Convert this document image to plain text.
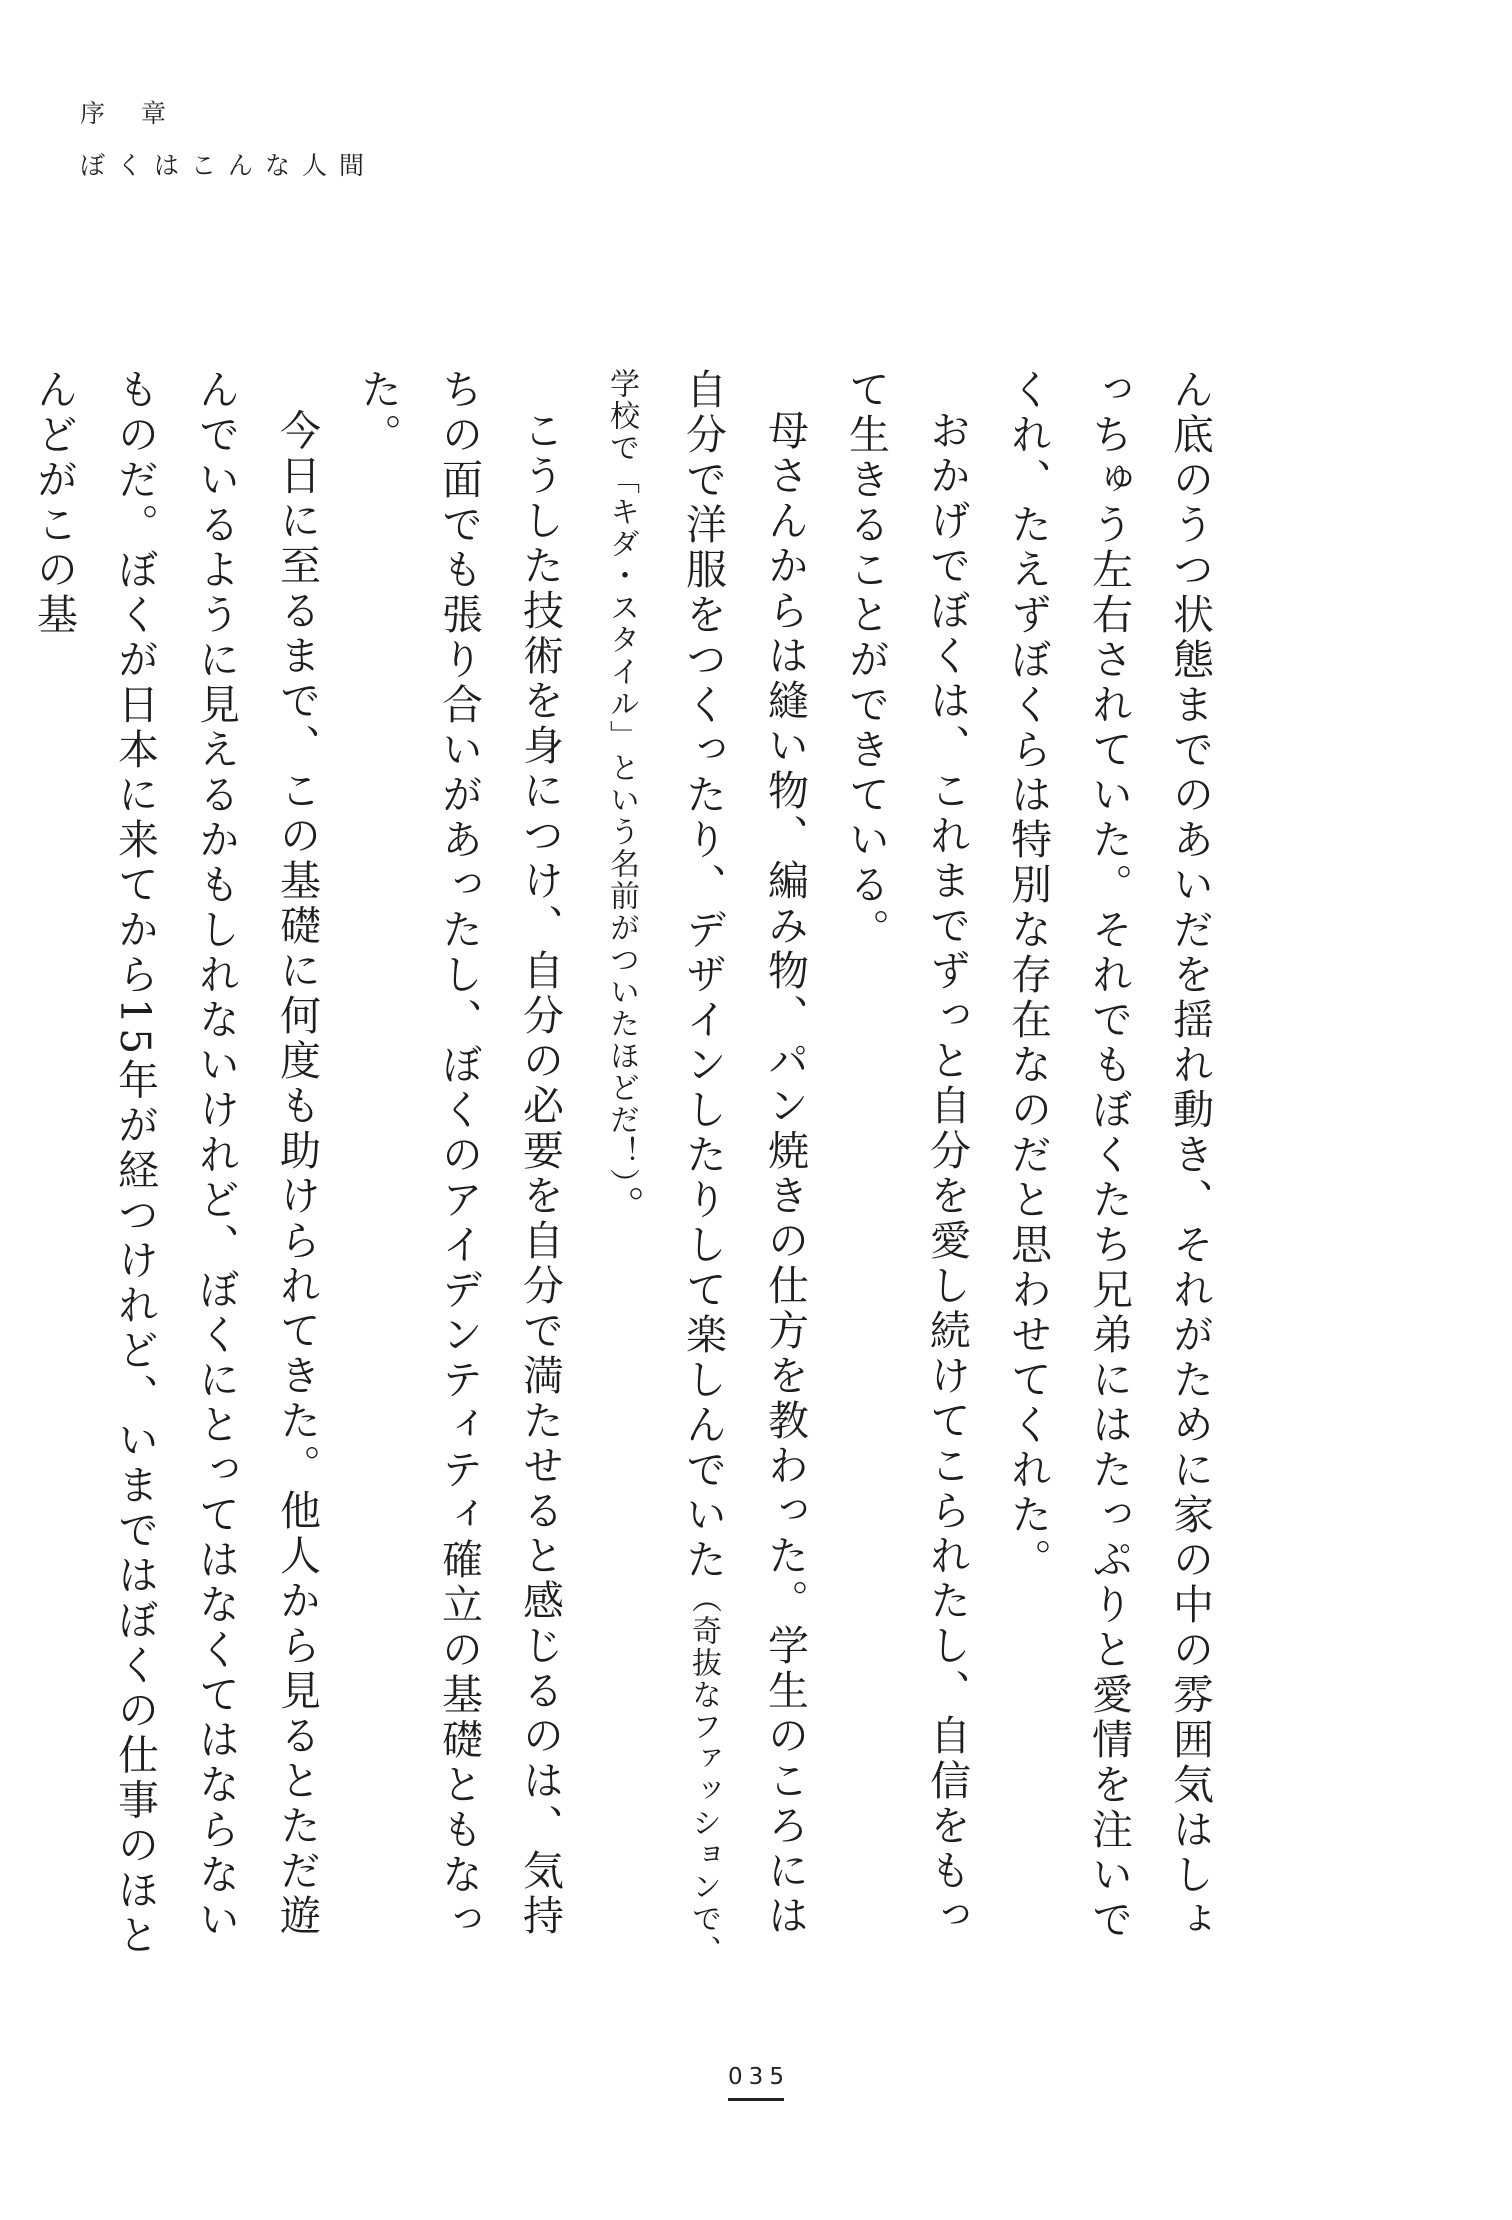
序章
ぼくはこんな人間

ん底のうつ状態までのあいだを揺れ動き、それがために家の中の雰囲気はしょっちゅう左右されていた。それでもぼくたち兄弟にはたっぷりと愛情を注いでくれ、たえずぼくらは特別な存在なのだと思わせてくれた。

おかげでぼくは、これまでずっと自分を愛し続けてこられたし、自信をもって生きることができている。

母さんからは縫い物、編み物、パン焼きの仕方を教わった。学生のころには自分で洋服をつくったり、デザインしたりして楽しんでいた（奇抜なファッションで、学校で「キダ・スタイル」という名前がついたほどだ！）。

こうした技術を身につけ、自分の必要を自分で満たせると感じるのは、気持ちの面でも張り合いがあったし、ぼくのアイデンティティ確立の基礎ともなった。

今日に至るまで、この基礎に何度も助けられてきた。他人から見るとただ遊んでいるように見えるかもしれないけれど、ぼくにとってはなくてはならないものだ。ぼくが日本に来てから15年が経つけれど、いまではぼくの仕事のほとんどがこの基

035
